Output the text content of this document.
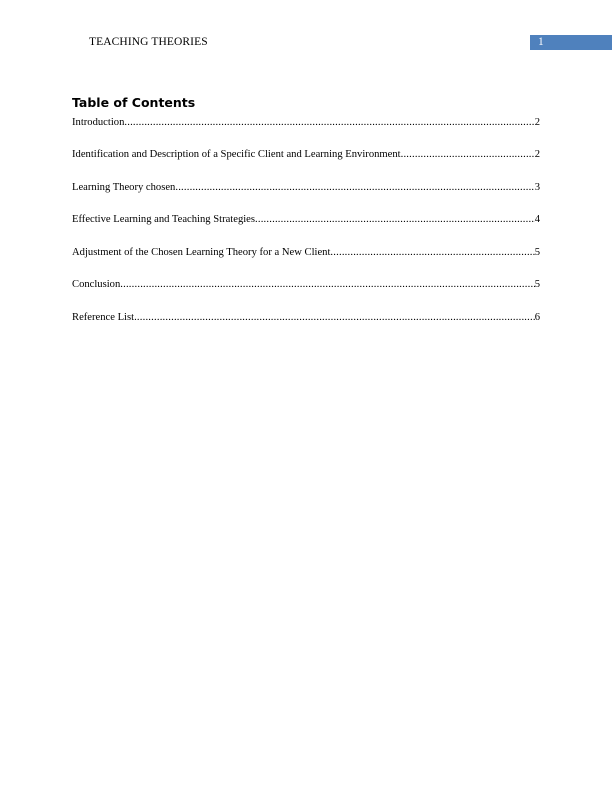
TEACHING THEORIES	1
Table of Contents
Introduction .....	2
Identification and Description of a Specific Client and Learning Environment .....	2
Learning Theory chosen .....	3
Effective Learning and Teaching Strategies .....	4
Adjustment of the Chosen Learning Theory for a New Client .....	5
Conclusion .....	5
Reference List .....	6
